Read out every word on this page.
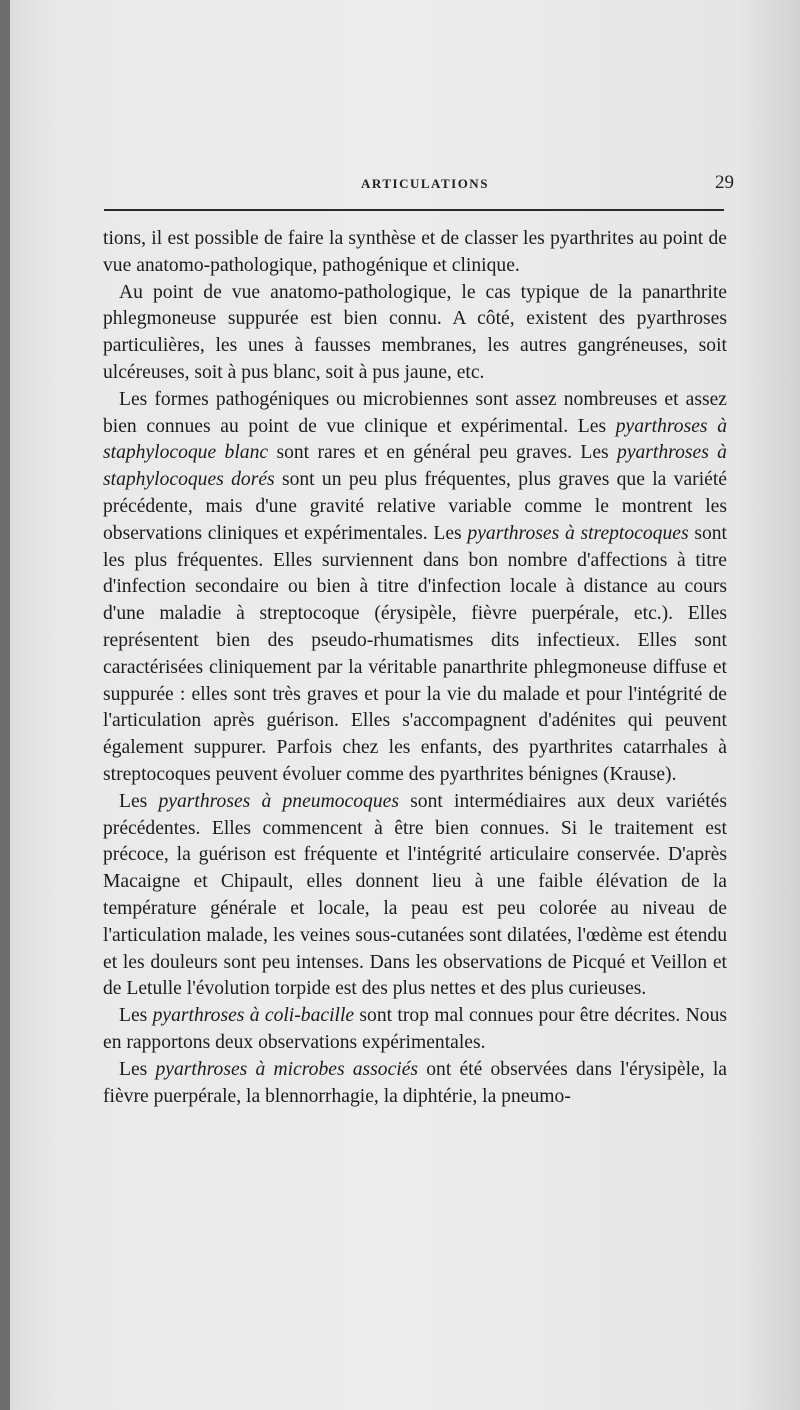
ARTICULATIONS	29

tions, il est possible de faire la synthèse et de classer les pyarthrites au point de vue anatomo-pathologique, pathogénique et clinique.

Au point de vue anatomo-pathologique, le cas typique de la panarthrite phlegmoneuse suppurée est bien connu. A côté, existent des pyarthroses particulières, les unes à fausses membranes, les autres gangréneuses, soit ulcéreuses, soit à pus blanc, soit à pus jaune, etc.

Les formes pathogéniques ou microbiennes sont assez nombreuses et assez bien connues au point de vue clinique et expérimental. Les pyarthroses à staphylocoque blanc sont rares et en général peu graves. Les pyarthroses à staphylocoques dorés sont un peu plus fréquentes, plus graves que la variété précédente, mais d'une gravité relative variable comme le montrent les observations cliniques et expérimentales. Les pyarthroses à streptocoques sont les plus fréquentes. Elles surviennent dans bon nombre d'affections à titre d'infection secondaire ou bien à titre d'infection locale à distance au cours d'une maladie à streptocoque (érysipèle, fièvre puerpérale, etc.). Elles représentent bien des pseudo-rhumatismes dits infectieux. Elles sont caractérisées cliniquement par la véritable panarthrite phlegmoneuse diffuse et suppurée : elles sont très graves et pour la vie du malade et pour l'intégrité de l'articulation après guérison. Elles s'accompagnent d'adénites qui peuvent également suppurer. Parfois chez les enfants, des pyarthrites catarrhales à streptocoques peuvent évoluer comme des pyarthrites bénignes (Krause).

Les pyarthroses à pneumocoques sont intermédiaires aux deux variétés précédentes. Elles commencent à être bien connues. Si le traitement est précoce, la guérison est fréquente et l'intégrité articulaire conservée. D'après Macaigne et Chipault, elles donnent lieu à une faible élévation de la température générale et locale, la peau est peu colorée au niveau de l'articulation malade, les veines sous-cutanées sont dilatées, l'œdème est étendu et les douleurs sont peu intenses. Dans les observations de Picqué et Veillon et de Letulle l'évolution torpide est des plus nettes et des plus curieuses.

Les pyarthroses à coli-bacille sont trop mal connues pour être décrites. Nous en rapportons deux observations expérimentales.

Les pyarthroses à microbes associés ont été observées dans l'érysipèle, la fièvre puerpérale, la blennorrhagie, la diphtérie, la pneumo-
